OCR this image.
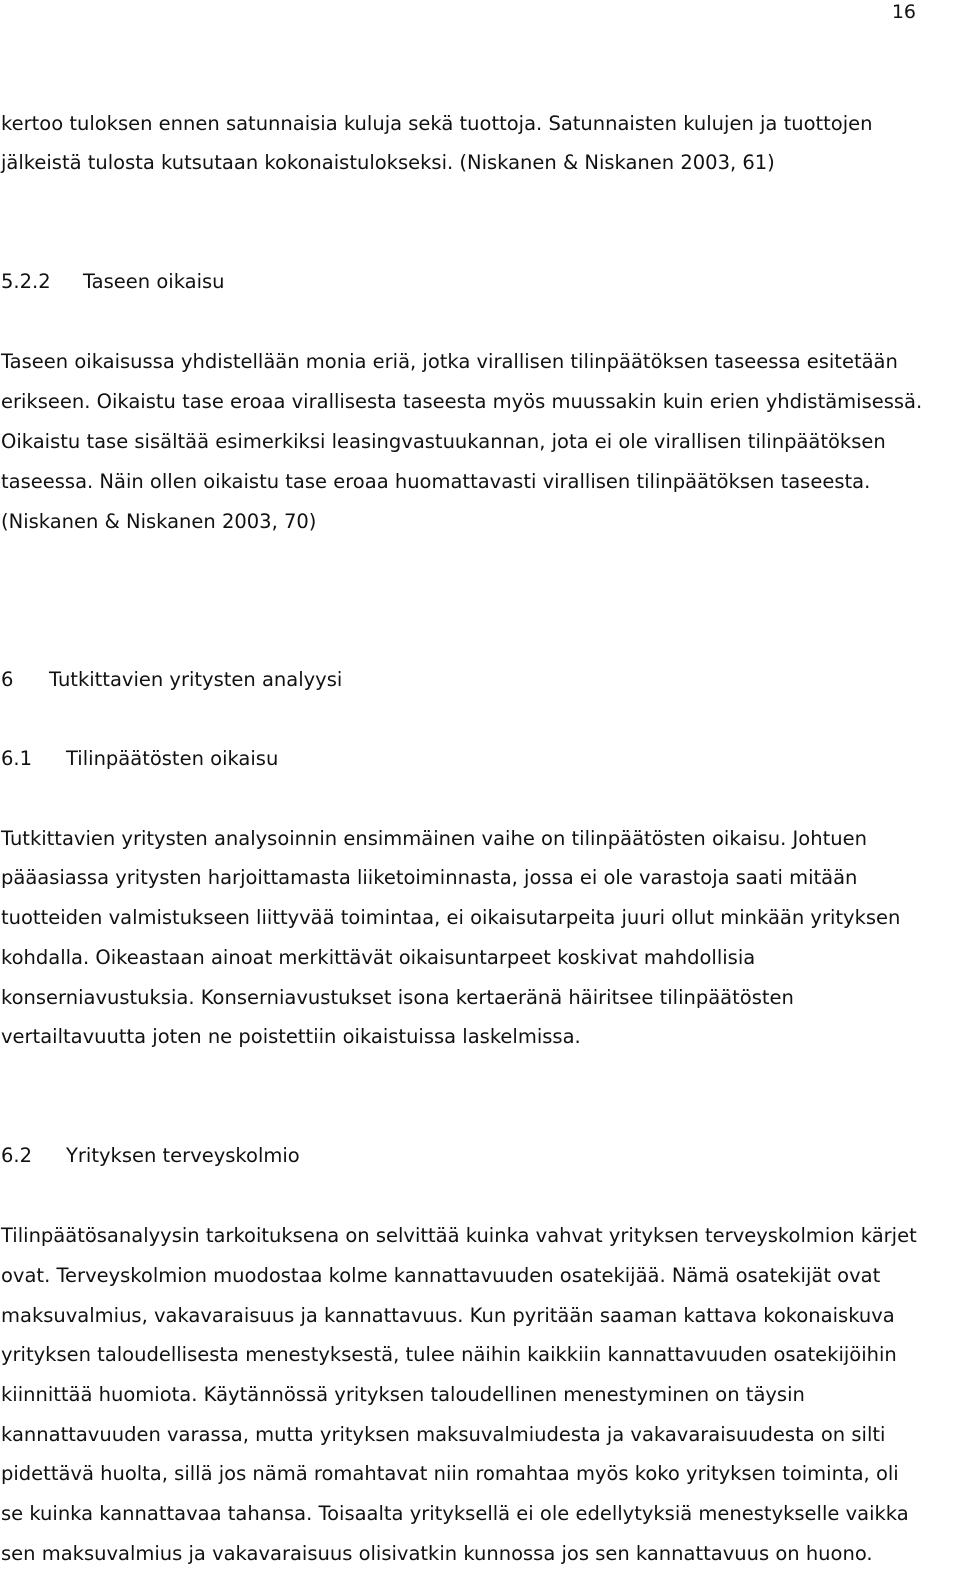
16
kertoo tuloksen ennen satunnaisia kuluja sekä tuottoja. Satunnaisten kulujen ja tuottojen
jälkeistä tulosta kutsutaan kokonaistulokseksi. (Niskanen & Niskanen 2003, 61)
5.2.2 Taseen oikaisu
Taseen oikaisussa yhdistellään monia eriä, jotka virallisen tilinpäätöksen taseessa esitetään
erikseen. Oikaistu tase eroaa virallisesta taseesta myös muussakin kuin erien yhdistämisessä.
Oikaistu tase sisältää esimerkiksi leasingvastuukannan, jota ei ole virallisen tilinpäätöksen
taseessa. Näin ollen oikaistu tase eroaa huomattavasti virallisen tilinpäätöksen taseesta.
(Niskanen & Niskanen 2003, 70)
6 Tutkittavien yritysten analyysi
6.1 Tilinpäätösten oikaisu
Tutkittavien yritysten analysoinnin ensimmäinen vaihe on tilinpäätösten oikaisu. Johtuen
pääasiassa yritysten harjoittamasta liiketoiminnasta, jossa ei ole varastoja saati mitään
tuotteiden valmistukseen liittyvää toimintaa, ei oikaisutarpeita juuri ollut minkään yrityksen
kohdalla. Oikeastaan ainoat merkittävät oikaisuntarpeet koskivat mahdollisia
konserniavustuksia. Konserniavustukset isona kertaeränä häiritsee tilinpäätösten
vertailtavuutta joten ne poistettiin oikaistuissa laskelmissa.
6.2 Yrityksen terveyskolmio
Tilinpäätösanalyysin tarkoituksena on selvittää kuinka vahvat yrityksen terveyskolmion kärjet
ovat. Terveyskolmion muodostaa kolme kannattavuuden osatekijää. Nämä osatekijät ovat
maksuvalmius, vakavaraisuus ja kannattavuus. Kun pyritään saaman kattava kokonaiskuva
yrityksen taloudellisesta menestyksestä, tulee näihin kaikkiin kannattavuuden osatekijöihin
kiinnittää huomiota. Käytännössä yrityksen taloudellinen menestyminen on täysin
kannattavuuden varassa, mutta yrityksen maksuvalmiudesta ja vakavaraisuudesta on silti
pidettävä huolta, sillä jos nämä romahtavat niin romahtaa myös koko yrityksen toiminta, oli
se kuinka kannattavaa tahansa. Toisaalta yrityksellä ei ole edellytyksiä menestykselle vaikka
sen maksuvalmius ja vakavaraisuus olisivatkin kunnossa jos sen kannattavuus on huono.
